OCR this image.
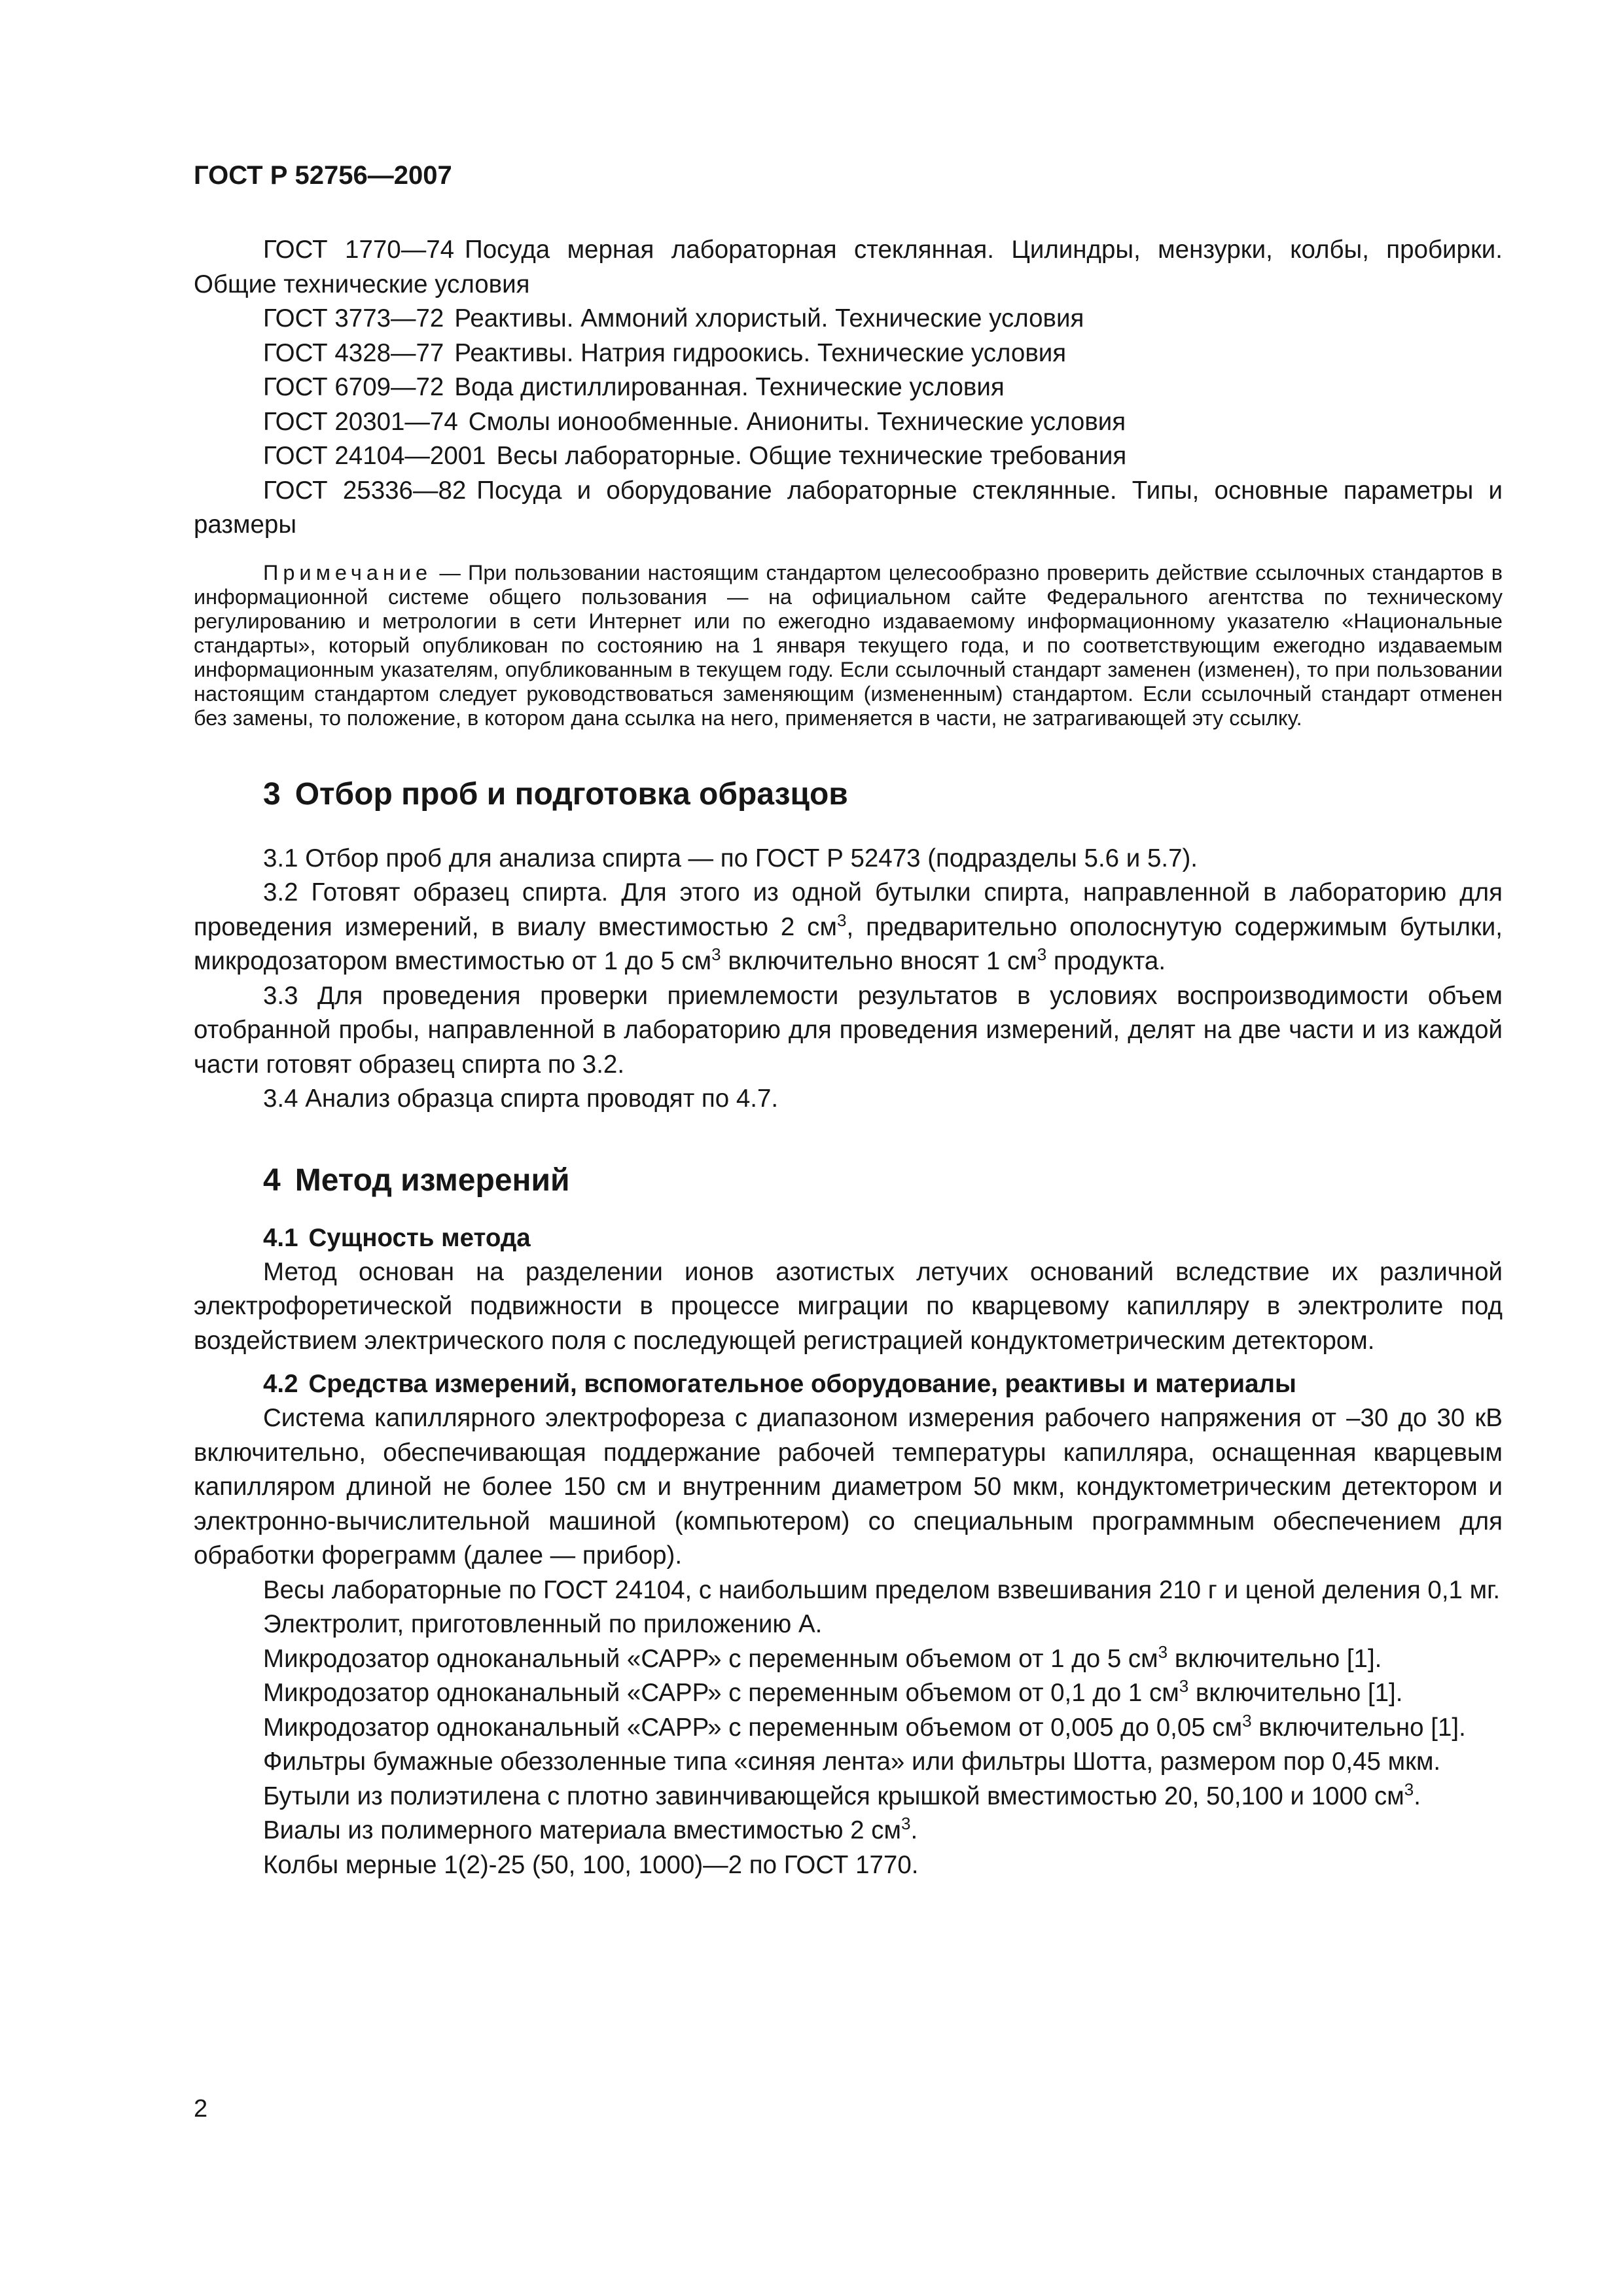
ГОСТ Р 52756—2007

ГОСТ 1770—74 Посуда мерная лабораторная стеклянная. Цилиндры, мензурки, колбы, пробирки. Общие технические условия

ГОСТ 3773—72 Реактивы. Аммоний хлористый. Технические условия

ГОСТ 4328—77 Реактивы. Натрия гидроокись. Технические условия

ГОСТ 6709—72 Вода дистиллированная. Технические условия

ГОСТ 20301—74 Смолы ионообменные. Аниониты. Технические условия

ГОСТ 24104—2001 Весы лабораторные. Общие технические требования

ГОСТ 25336—82 Посуда и оборудование лабораторные стеклянные. Типы, основные параметры и размеры

Примечание — При пользовании настоящим стандартом целесообразно проверить действие ссылочных стандартов в информационной системе общего пользования — на официальном сайте Федерального агентства по техническому регулированию и метрологии в сети Интернет или по ежегодно издаваемому информационному указателю «Национальные стандарты», который опубликован по состоянию на 1 января текущего года, и по соответствующим ежегодно издаваемым информационным указателям, опубликованным в текущем году. Если ссылочный стандарт заменен (изменен), то при пользовании настоящим стандартом следует руководствоваться заменяющим (измененным) стандартом. Если ссылочный стандарт отменен без замены, то положение, в котором дана ссылка на него, применяется в части, не затрагивающей эту ссылку.

3 Отбор проб и подготовка образцов

3.1 Отбор проб для анализа спирта — по ГОСТ Р 52473 (подразделы 5.6 и 5.7).

3.2 Готовят образец спирта. Для этого из одной бутылки спирта, направленной в лабораторию для проведения измерений, в виалу вместимостью 2 $см^3$, предварительно ополоснутую содержимым бутылки, микродозатором вместимостью от 1 до 5 $см^3$ включительно вносят 1 $см^3$ продукта.

3.3 Для проведения проверки приемлемости результатов в условиях воспроизводимости объем отобранной пробы, направленной в лабораторию для проведения измерений, делят на две части и из каждой части готовят образец спирта по 3.2.

3.4 Анализ образца спирта проводят по 4.7.

4 Метод измерений
4.1 Сущность метода

Метод основан на разделении ионов азотистых летучих оснований вследствие их различной электрофоретической подвижности в процессе миграции по кварцевому капилляру в электролите под воздействием электрического поля с последующей регистрацией кондуктометрическим детектором.

4.2 Средства измерений, вспомогательное оборудование, реактивы и материалы

Система капиллярного электрофореза с диапазоном измерения рабочего напряжения от –30 до 30 кВ включительно, обеспечивающая поддержание рабочей температуры капилляра, оснащенная кварцевым капилляром длиной не более 150 см и внутренним диаметром 50 мкм, кондуктометрическим детектором и электронно-вычислительной машиной (компьютером) со специальным программным обеспечением для обработки фореграмм (далее — прибор).

Весы лабораторные по ГОСТ 24104, с наибольшим пределом взвешивания 210 г и ценой деления 0,1 мг.

Электролит, приготовленный по приложению А.

Микродозатор одноканальный «САРР» с переменным объемом от 1 до 5 $см^3$ включительно [1].

Микродозатор одноканальный «САРР» с переменным объемом от 0,1 до 1 $см^3$ включительно [1].

Микродозатор одноканальный «САРР» с переменным объемом от 0,005 до 0,05 $см^3$ включительно [1].

Фильтры бумажные обеззоленные типа «синяя лента» или фильтры Шотта, размером пор 0,45 мкм.

Бутыли из полиэтилена с плотно завинчивающейся крышкой вместимостью 20, 50,100 и 1000 $см^3$.

Виалы из полимерного материала вместимостью 2 $см^3$.

Колбы мерные 1(2)-25 (50, 100, 1000)—2 по ГОСТ 1770.

2
